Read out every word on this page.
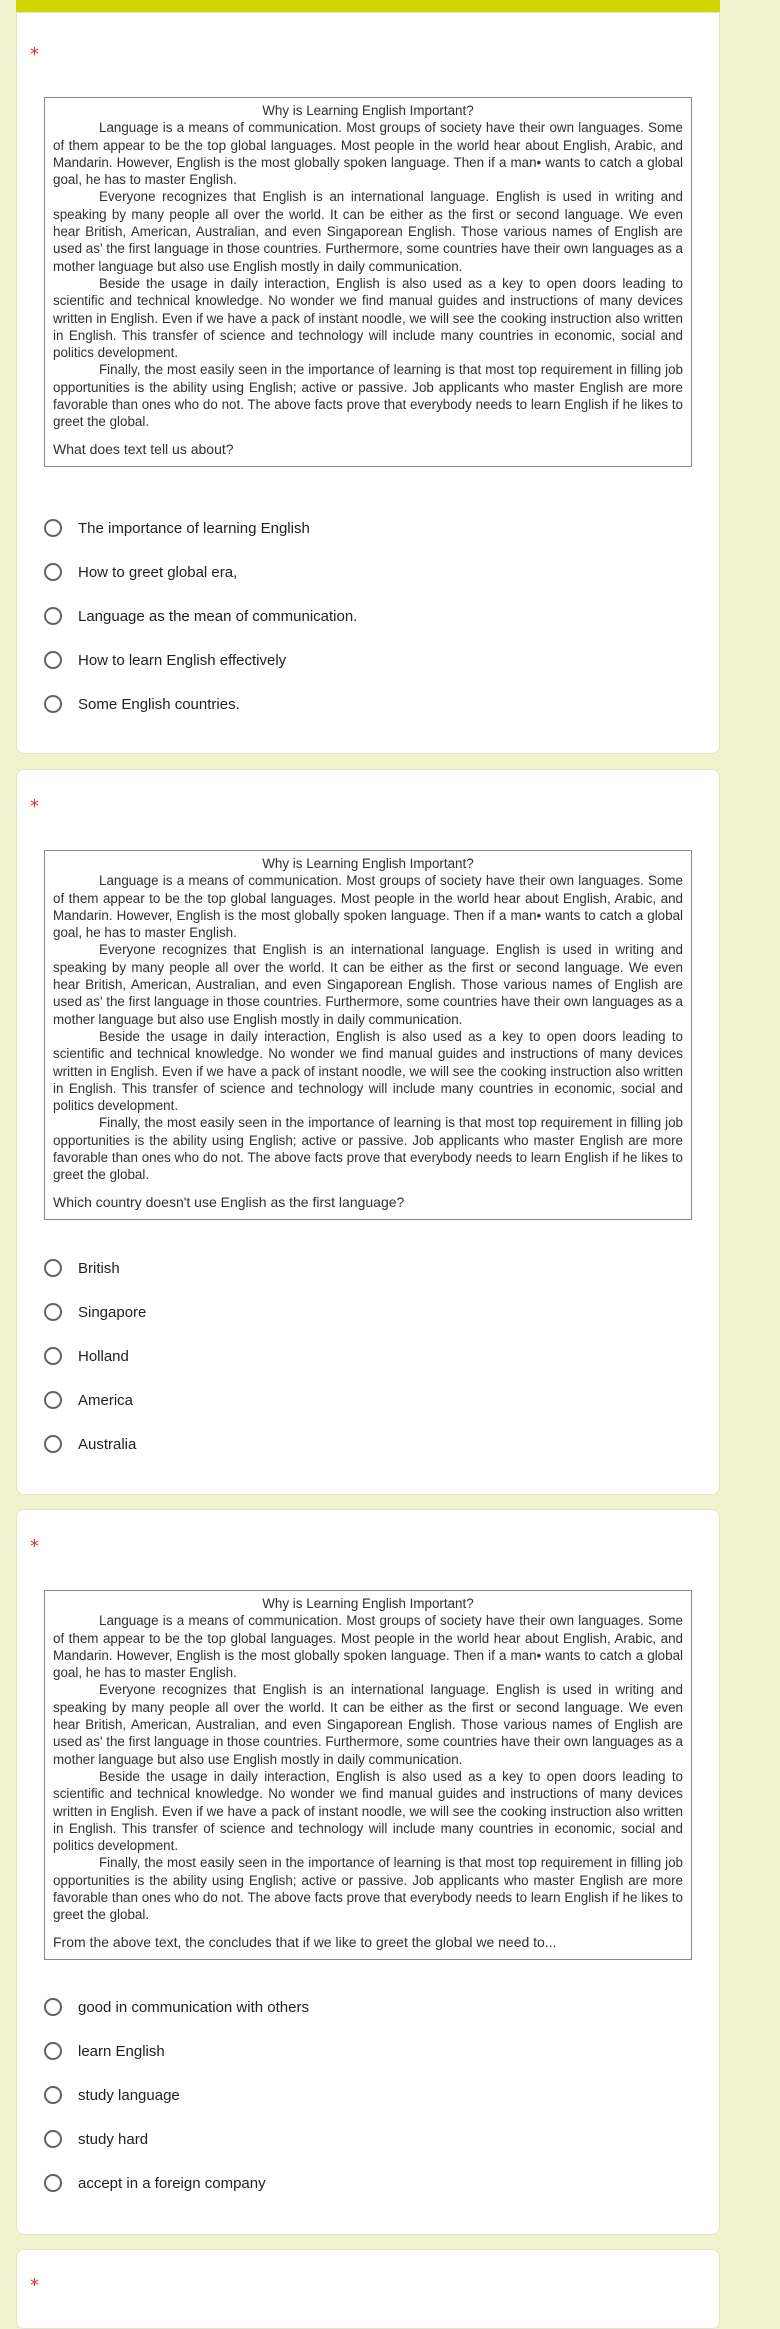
*
Why is Learning English Important?

Language is a means of communication. Most groups of society have their own languages. Some of them appear to be the top global languages. Most people in the world hear about English, Arabic, and Mandarin. However, English is the most globally spoken language. Then if a man• wants to catch a global goal, he has to master English.

Everyone recognizes that English is an international language. English is used in writing and speaking by many people all over the world. It can be either as the first or second language. We even hear British, American, Australian, and even Singaporean English. Those various names of English are used as' the first language in those countries. Furthermore, some countries have their own languages as a mother language but also use English mostly in daily communication.

Beside the usage in daily interaction, English is also used as a key to open doors leading to scientific and technical knowledge. No wonder we find manual guides and instructions of many devices written in English. Even if we have a pack of instant noodle, we will see the cooking instruction also written in English. This transfer of science and technology will include many countries in economic, social and politics development.

Finally, the most easily seen in the importance of learning is that most top requirement in filling job opportunities is the ability using English; active or passive. Job applicants who master English are more favorable than ones who do not. The above facts prove that everybody needs to learn English if he likes to greet the global.

What does text tell us about?

The importance of learning English
How to greet global era,
Language as the mean of communication.
How to learn English effectively
Some English countries.
*
Why is Learning English Important?

Language is a means of communication. Most groups of society have their own languages. Some of them appear to be the top global languages. Most people in the world hear about English, Arabic, and Mandarin. However, English is the most globally spoken language. Then if a man• wants to catch a global goal, he has to master English.

Everyone recognizes that English is an international language. English is used in writing and speaking by many people all over the world. It can be either as the first or second language. We even hear British, American, Australian, and even Singaporean English. Those various names of English are used as' the first language in those countries. Furthermore, some countries have their own languages as a mother language but also use English mostly in daily communication.

Beside the usage in daily interaction, English is also used as a key to open doors leading to scientific and technical knowledge. No wonder we find manual guides and instructions of many devices written in English. Even if we have a pack of instant noodle, we will see the cooking instruction also written in English. This transfer of science and technology will include many countries in economic, social and politics development.

Finally, the most easily seen in the importance of learning is that most top requirement in filling job opportunities is the ability using English; active or passive. Job applicants who master English are more favorable than ones who do not. The above facts prove that everybody needs to learn English if he likes to greet the global.

Which country doesn't use English as the first language?

British
Singapore
Holland
America
Australia
*
Why is Learning English Important?

Language is a means of communication. Most groups of society have their own languages. Some of them appear to be the top global languages. Most people in the world hear about English, Arabic, and Mandarin. However, English is the most globally spoken language. Then if a man• wants to catch a global goal, he has to master English.

Everyone recognizes that English is an international language. English is used in writing and speaking by many people all over the world. It can be either as the first or second language. We even hear British, American, Australian, and even Singaporean English. Those various names of English are used as' the first language in those countries. Furthermore, some countries have their own languages as a mother language but also use English mostly in daily communication.

Beside the usage in daily interaction, English is also used as a key to open doors leading to scientific and technical knowledge. No wonder we find manual guides and instructions of many devices written in English. Even if we have a pack of instant noodle, we will see the cooking instruction also written in English. This transfer of science and technology will include many countries in economic, social and politics development.

Finally, the most easily seen in the importance of learning is that most top requirement in filling job opportunities is the ability using English; active or passive. Job applicants who master English are more favorable than ones who do not. The above facts prove that everybody needs to learn English if he likes to greet the global.

From the above text, the concludes that if we like to greet the global we need to...

good in communication with others
learn English
study language
study hard
accept in a foreign company
*
